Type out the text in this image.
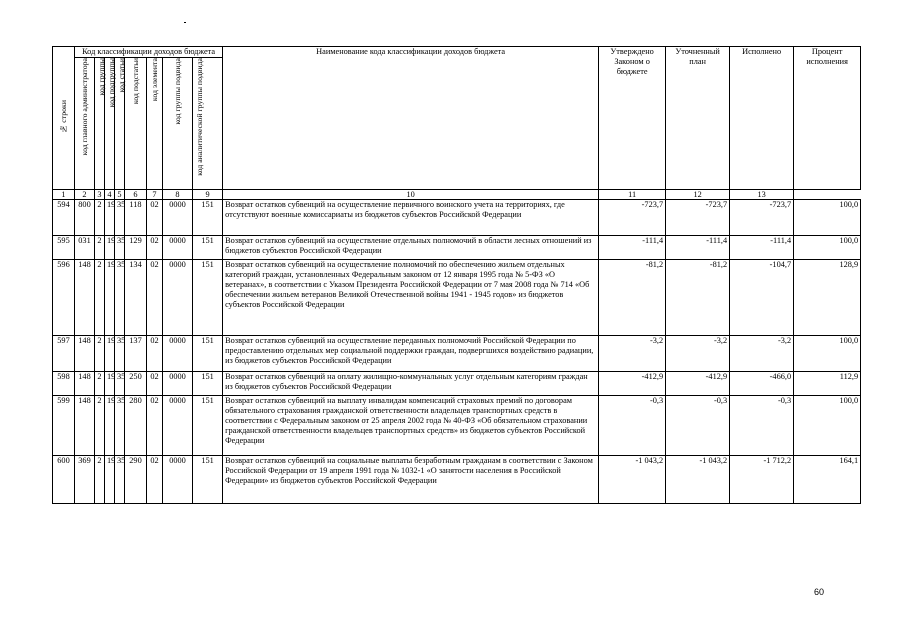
№ строки	Код классификации доходов бюджета								Наименование кода классификации доходов бюджета	Утверждено Законом о бюджете	Уточненный план	Исполнено	Процент исполнения

	код главного администратора	код группы	код подгруппы	код статьи	код подстатьи	код элемента	код группы подвида	код аналитической группы подвида					

1	2	3	4	5	6	7	8	9	10	11	12	13	
594	800	2	19	35	118	02	0000	151	Возврат остатков субвенций на осуществление первичного воинского учета на территориях, где отсутствуют военные комиссариаты из бюджетов субъектов Российской Федерации	-723,7	-723,7	-723,7	100,0
595	031	2	19	35	129	02	0000	151	Возврат остатков субвенций на осуществление отдельных полномочий в области лесных отношений из бюджетов субъектов Российской Федерации	-111,4	-111,4	-111,4	100,0
596	148	2	19	35	134	02	0000	151	Возврат остатков субвенций на осуществление полномочий по обеспечению жильем отдельных категорий граждан, установленных Федеральным законом от 12 января 1995 года № 5-ФЗ «О ветеранах», в соответствии с Указом Президента Российской Федерации от 7 мая 2008 года № 714 «Об обеспечении жильем ветеранов Великой Отечественной войны 1941 - 1945 годов» из бюджетов субъектов Российской Федерации	-81,2	-81,2	-104,7	128,9
597	148	2	19	35	137	02	0000	151	Возврат остатков субвенций на осуществление переданных полномочий Российской Федерации по предоставлению отдельных мер социальной поддержки граждан, подвергшихся воздействию радиации, из бюджетов субъектов Российской Федерации	-3,2	-3,2	-3,2	100,0
598	148	2	19	35	250	02	0000	151	Возврат остатков субвенций на оплату жилищно-коммунальных услуг отдельным категориям граждан из бюджетов субъектов Российской Федерации	-412,9	-412,9	-466,0	112,9
599	148	2	19	35	280	02	0000	151	Возврат остатков субвенций на выплату инвалидам компенсаций страховых премий по договорам обязательного страхования гражданской ответственности владельцев транспортных средств в соответствии с Федеральным законом от 25 апреля 2002 года № 40-ФЗ «Об обязательном страховании гражданской ответственности владельцев транспортных средств» из бюджетов субъектов Российской Федерации	-0,3	-0,3	-0,3	100,0
600	369	2	19	35	290	02	0000	151	Возврат остатков субвенций на социальные выплаты безработным гражданам в соответствии с Законом Российской Федерации от 19 апреля 1991 года № 1032-1 «О занятости населения в Российской Федерации» из бюджетов субъектов Российской Федерации	-1 043,2	-1 043,2	-1 712,2	164,1
60
